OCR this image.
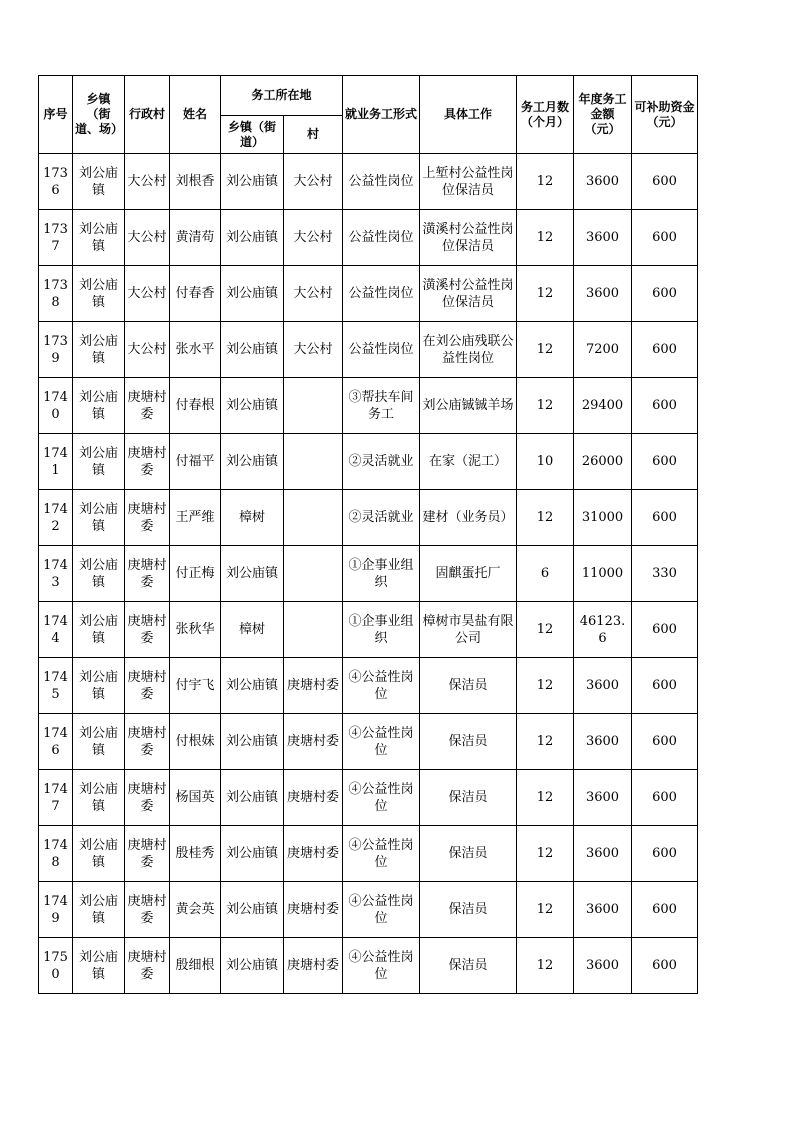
序号	乡镇（街道、场）	行政村	姓名	务工所在地		就业务工形式	具体工作	务工月数（个月）	年度务工金额（元）	可补助资金（元）
				乡镇（街道）	村					
1736	刘公庙镇	大公村	刘根香	刘公庙镇	大公村	公益性岗位	上堑村公益性岗位保洁员	12	3600	600
1737	刘公庙镇	大公村	黄清苟	刘公庙镇	大公村	公益性岗位	潢溪村公益性岗位保洁员	12	3600	600
1738	刘公庙镇	大公村	付春香	刘公庙镇	大公村	公益性岗位	潢溪村公益性岗位保洁员	12	3600	600
1739	刘公庙镇	大公村	张水平	刘公庙镇	大公村	公益性岗位	在刘公庙残联公益性岗位	12	7200	600
1740	刘公庙镇	庚塘村委	付春根	刘公庙镇		③帮扶车间务工	刘公庙铖铖羊场	12	29400	600
1741	刘公庙镇	庚塘村委	付福平	刘公庙镇		②灵活就业	在家（泥工）	10	26000	600
1742	刘公庙镇	庚塘村委	王严维	樟树		②灵活就业	建材（业务员）	12	31000	600
1743	刘公庙镇	庚塘村委	付正梅	刘公庙镇		①企事业组织	固麒蛋托厂	6	11000	330
1744	刘公庙镇	庚塘村委	张秋华	樟树		①企事业组织	樟树市昊盐有限公司	12	46123.6	600
1745	刘公庙镇	庚塘村委	付宇飞	刘公庙镇	庚塘村委	④公益性岗位	保洁员	12	3600	600
1746	刘公庙镇	庚塘村委	付根妹	刘公庙镇	庚塘村委	④公益性岗位	保洁员	12	3600	600
1747	刘公庙镇	庚塘村委	杨国英	刘公庙镇	庚塘村委	④公益性岗位	保洁员	12	3600	600
1748	刘公庙镇	庚塘村委	殷桂秀	刘公庙镇	庚塘村委	④公益性岗位	保洁员	12	3600	600
1749	刘公庙镇	庚塘村委	黄会英	刘公庙镇	庚塘村委	④公益性岗位	保洁员	12	3600	600
1750	刘公庙镇	庚塘村委	殷细根	刘公庙镇	庚塘村委	④公益性岗位	保洁员	12	3600	600
